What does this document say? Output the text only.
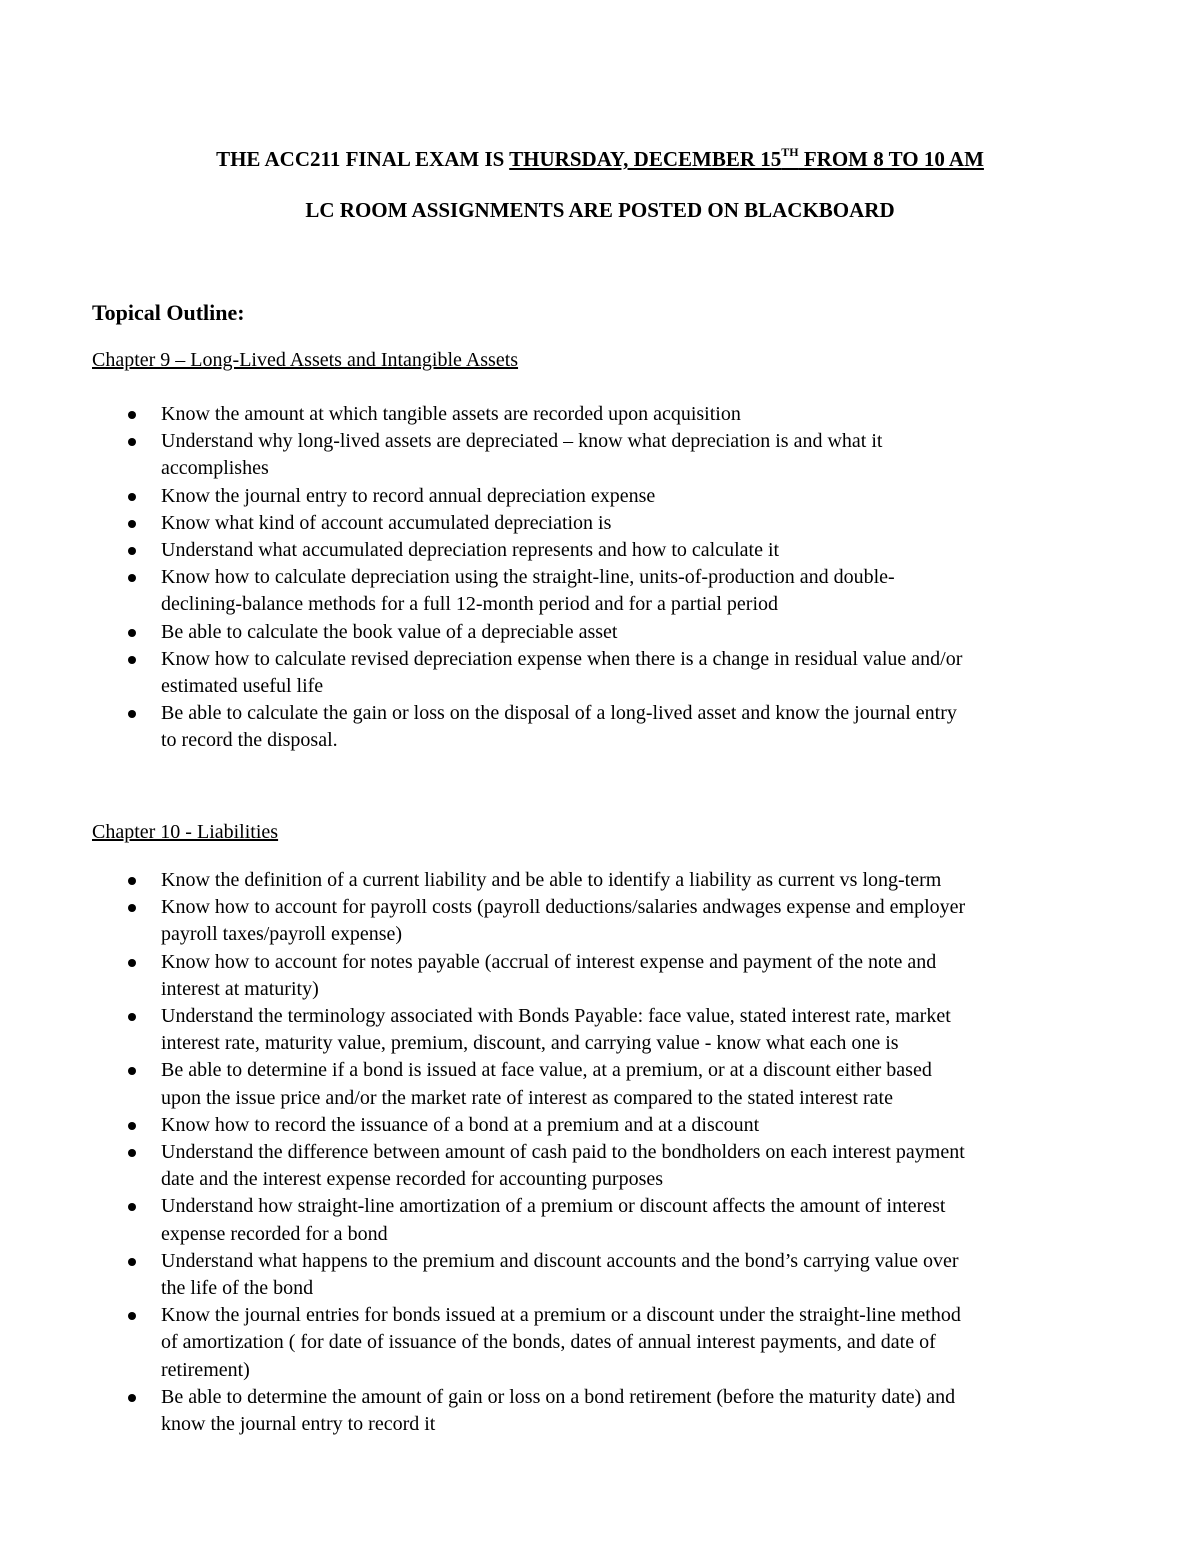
THE ACC211 FINAL EXAM IS THURSDAY, DECEMBER 15TH FROM 8 TO 10 AM
LC ROOM ASSIGNMENTS ARE POSTED ON BLACKBOARD
Topical Outline:
Chapter 9 – Long-Lived Assets and Intangible Assets
Know the amount at which tangible assets are recorded upon acquisition
Understand why long-lived assets are depreciated – know what depreciation is and what it
accomplishes
Know the journal entry to record annual depreciation expense
Know what kind of account accumulated depreciation is
Understand what accumulated depreciation represents and how to calculate it
Know how to calculate depreciation using the straight-line, units-of-production and double-
declining-balance methods for a full 12-month period and for a partial period
Be able to calculate the book value of a depreciable asset
Know how to calculate revised depreciation expense when there is a change in residual value and/or
estimated useful life
Be able to calculate the gain or loss on the disposal of a long-lived asset and know the journal entry
to record the disposal.
Chapter 10 - Liabilities
Know the definition of a current liability and be able to identify a liability as current vs long-term
Know how to account for payroll costs (payroll deductions/salaries andwages expense and employer
payroll taxes/payroll expense)
Know how to account for notes payable (accrual of interest expense and payment of the note and
interest at maturity)
Understand the terminology associated with Bonds Payable: face value, stated interest rate, market
interest rate, maturity value, premium, discount, and carrying value - know what each one is
Be able to determine if a bond is issued at face value, at a premium, or at a discount either based
upon the issue price and/or the market rate of interest as compared to the stated interest rate
Know how to record the issuance of a bond at a premium and at a discount
Understand the difference between amount of cash paid to the bondholders on each interest payment
date and the interest expense recorded for accounting purposes
Understand how straight-line amortization of a premium or discount affects the amount of interest
expense recorded for a bond
Understand what happens to the premium and discount accounts and the bond’s carrying value over
the life of the bond
Know the journal entries for bonds issued at a premium or a discount under the straight-line method
of amortization ( for date of issuance of the bonds, dates of annual interest payments, and date of
retirement)
Be able to determine the amount of gain or loss on a bond retirement (before the maturity date) and
know the journal entry to record it
